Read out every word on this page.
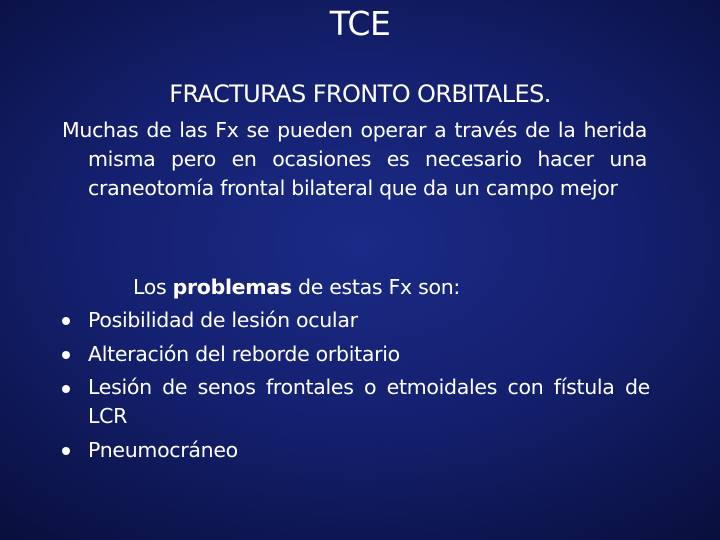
TCE
FRACTURAS FRONTO ORBITALES.

Muchas de las Fx se pueden operar a través de la herida misma pero en ocasiones es necesario hacer una craneotomía frontal bilateral que da un campo mejor

Los problemas de estas Fx son:
Posibilidad de lesión ocular
Alteración del reborde orbitario
Lesión de senos frontales o etmoidales con fístula de LCR
Pneumocráneo
